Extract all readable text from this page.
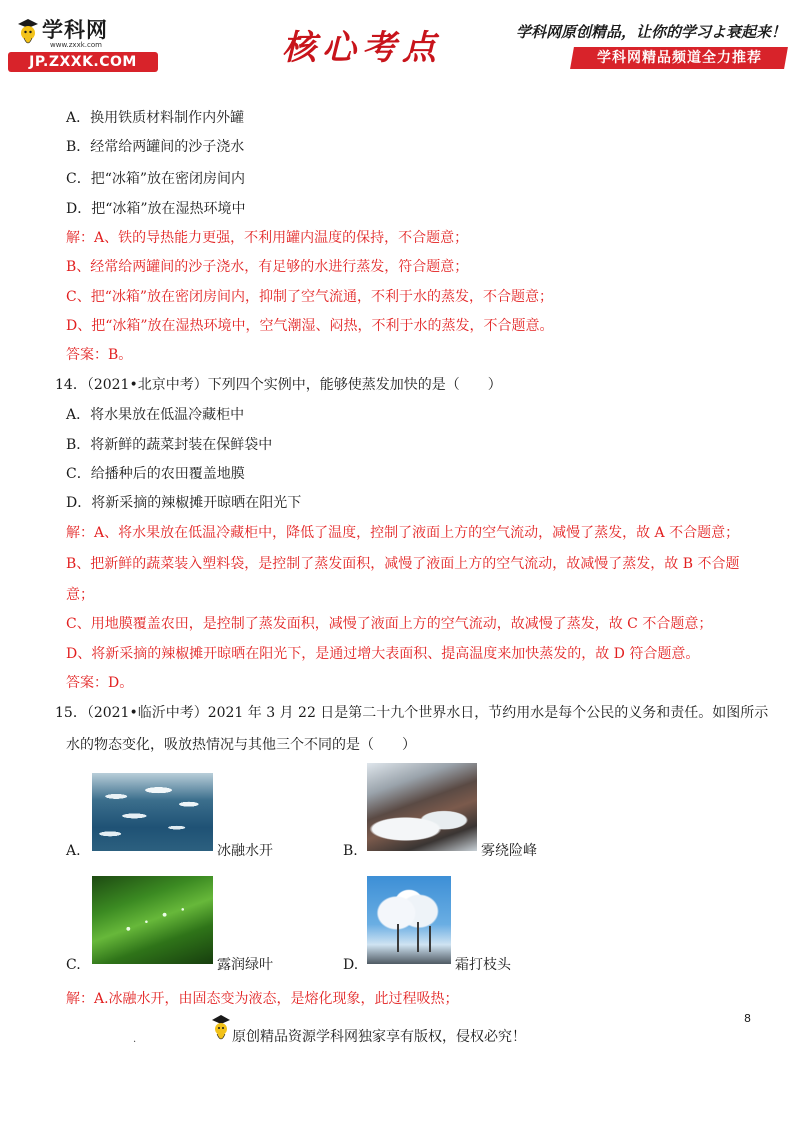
学科网
www.zxxk.com
JP.ZXXK.COM	核心考点	学科网原创精品，让你的学习よ衰起来！
学科网精品频道全力推荐
A．换用铁质材料制作内外罐
B．经常给两罐间的沙子浇水
C．把“冰箱”放在密闭房间内
D．把“冰箱”放在湿热环境中
解：A、铁的导热能力更强，不利用罐内温度的保持，不合题意；
B、经常给两罐间的沙子浇水，有足够的水进行蒸发，符合题意；
C、把“冰箱”放在密闭房间内，抑制了空气流通，不利于水的蒸发，不合题意；
D、把“冰箱”放在湿热环境中，空气潮湿、闷热，不利于水的蒸发，不合题意。
答案：B。
14．（2021•北京中考）下列四个实例中，能够使蒸发加快的是（　　）
A．将水果放在低温冷藏柜中
B．将新鲜的蔬菜封装在保鲜袋中
C．给播种后的农田覆盖地膜
D．将新采摘的辣椒摊开晾晒在阳光下
解：A、将水果放在低温冷藏柜中，降低了温度，控制了液面上方的空气流动，减慢了蒸发，故 A 不合题意；
B、把新鲜的蔬菜装入塑料袋，是控制了蒸发面积，减慢了液面上方的空气流动，故减慢了蒸发，故 B 不合题
意；
C、用地膜覆盖农田，是控制了蒸发面积，减慢了液面上方的空气流动，故减慢了蒸发，故 C 不合题意；
D、将新采摘的辣椒摊开晾晒在阳光下，是通过增大表面积、提高温度来加快蒸发的，故 D 符合题意。
答案：D。
15．（2021•临沂中考）2021 年 3 月 22 日是第二十九个世界水日，节约用水是每个公民的义务和责任。如图所示
水的物态变化，吸放热情况与其他三个不同的是（　　）
A.	冰融水开	B.	雾绕险峰
C.	露润绿叶	D.	霜打枝头
解：A.冰融水开，由固态变为液态，是熔化现象，此过程吸热；
.	原创精品资源学科网独家享有版权，侵权必究！
8
